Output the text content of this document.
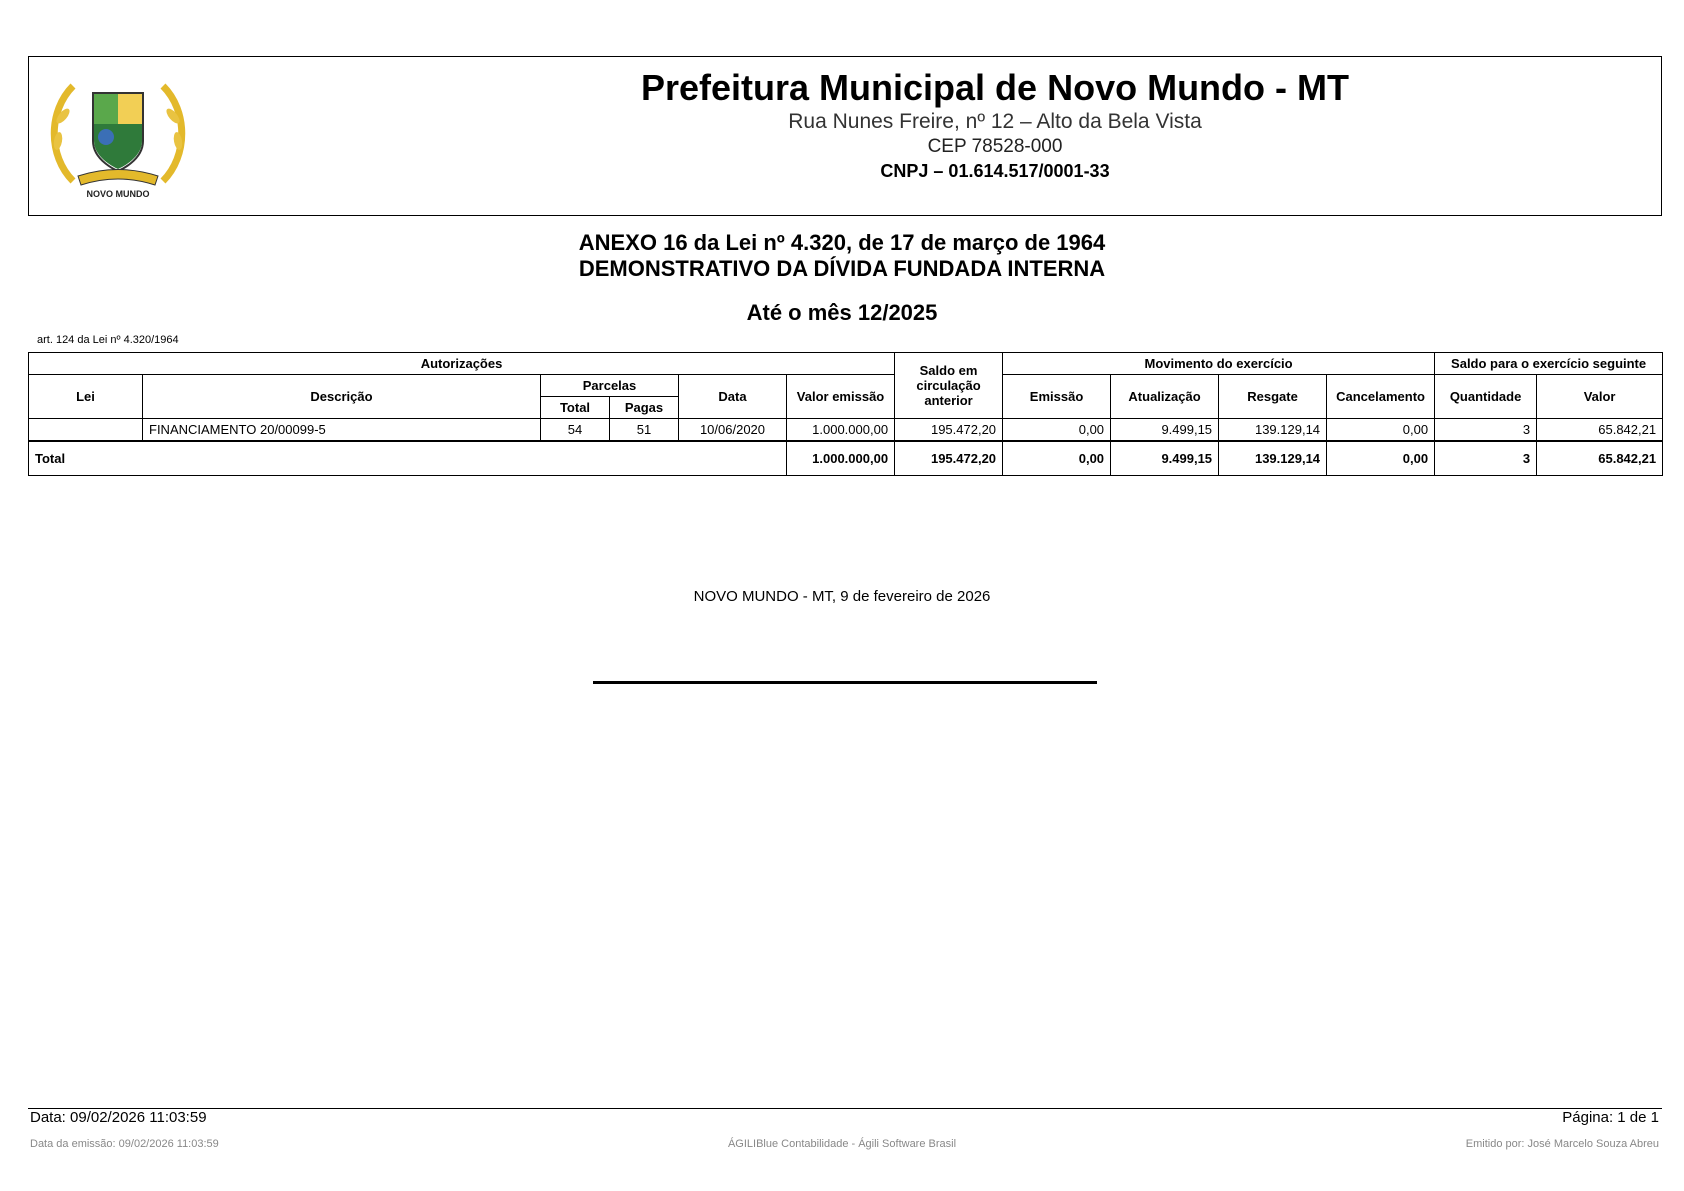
NOVO MUNDO
Prefeitura Municipal de Novo Mundo - MT
Rua Nunes Freire, nº 12 – Alto da Bela Vista
CEP 78528-000
CNPJ – 01.614.517/0001-33
ANEXO 16 da Lei nº 4.320, de 17 de março de 1964
DEMONSTRATIVO DA DÍVIDA FUNDADA INTERNA
Até o mês 12/2025
art. 124 da Lei nº 4.320/1964
Autorizações						Saldo em circulação anterior	Movimento do exercício				Saldo para o exercício seguinte	
Lei	Descrição	Parcelas		Data	Valor emissão		Emissão	Atualização	Resgate	Cancelamento	Quantidade	Valor
		Total	Pagas									
	FINANCIAMENTO 20/00099-5	54	51	10/06/2020	1.000.000,00	195.472,20	0,00	9.499,15	139.129,14	0,00	3	65.842,21
Total					1.000.000,00	195.472,20	0,00	9.499,15	139.129,14	0,00	3	65.842,21
NOVO MUNDO - MT, 9 de fevereiro de 2026
Data: 09/02/2026 11:03:59	Página: 1 de 1
Data da emissão: 09/02/2026 11:03:59	ÁGILIBlue Contabilidade - Ágili Software Brasil	Emitido por: José Marcelo Souza Abreu
